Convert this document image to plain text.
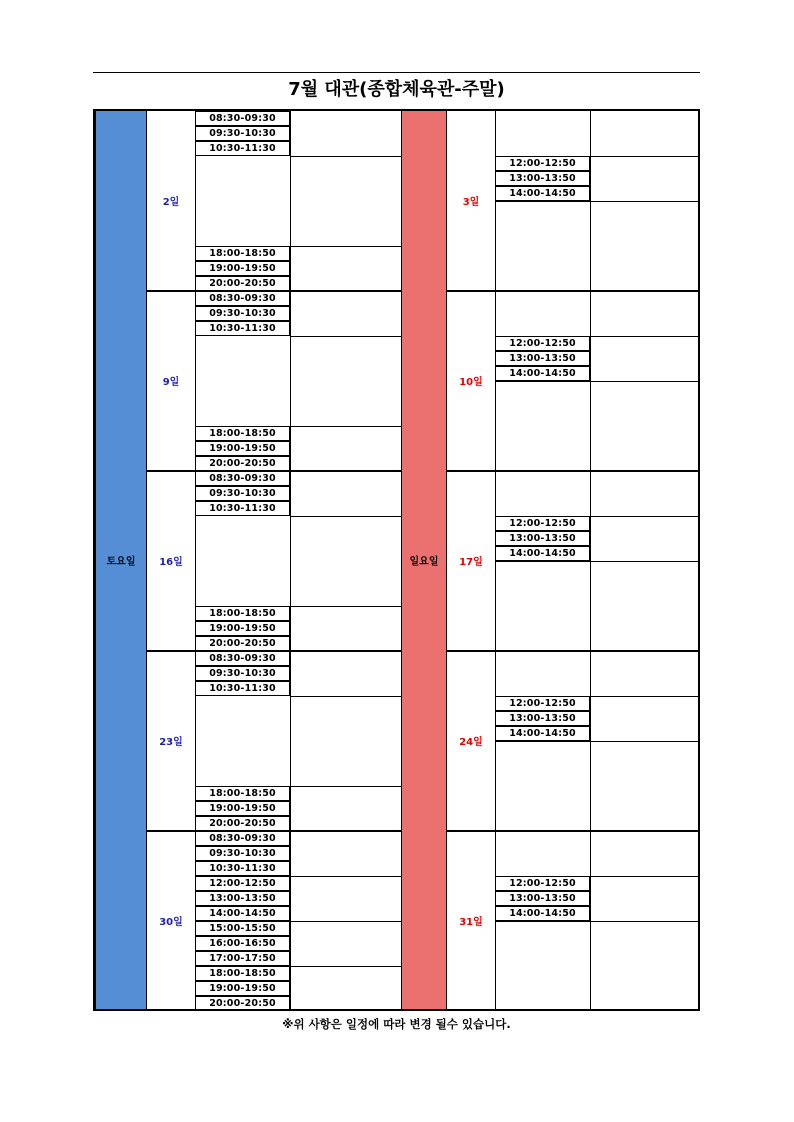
7월 대관(종합체육관-주말)
토요일	일요일
2일
08:30-09:30
09:30-10:30
10:30-11:30
18:00-18:50
19:00-19:50
20:00-20:50
9일
08:30-09:30
09:30-10:30
10:30-11:30
18:00-18:50
19:00-19:50
20:00-20:50
16일
08:30-09:30
09:30-10:30
10:30-11:30
18:00-18:50
19:00-19:50
20:00-20:50
23일
08:30-09:30
09:30-10:30
10:30-11:30
18:00-18:50
19:00-19:50
20:00-20:50
30일
08:30-09:30
09:30-10:30
10:30-11:30
12:00-12:50
13:00-13:50
14:00-14:50
15:00-15:50
16:00-16:50
17:00-17:50
18:00-18:50
19:00-19:50
20:00-20:50
3일
12:00-12:50
13:00-13:50
14:00-14:50
10일
12:00-12:50
13:00-13:50
14:00-14:50
17일
12:00-12:50
13:00-13:50
14:00-14:50
24일
12:00-12:50
13:00-13:50
14:00-14:50
31일
12:00-12:50
13:00-13:50
14:00-14:50
※위 사항은 일정에 따라 변경 될수 있습니다.
